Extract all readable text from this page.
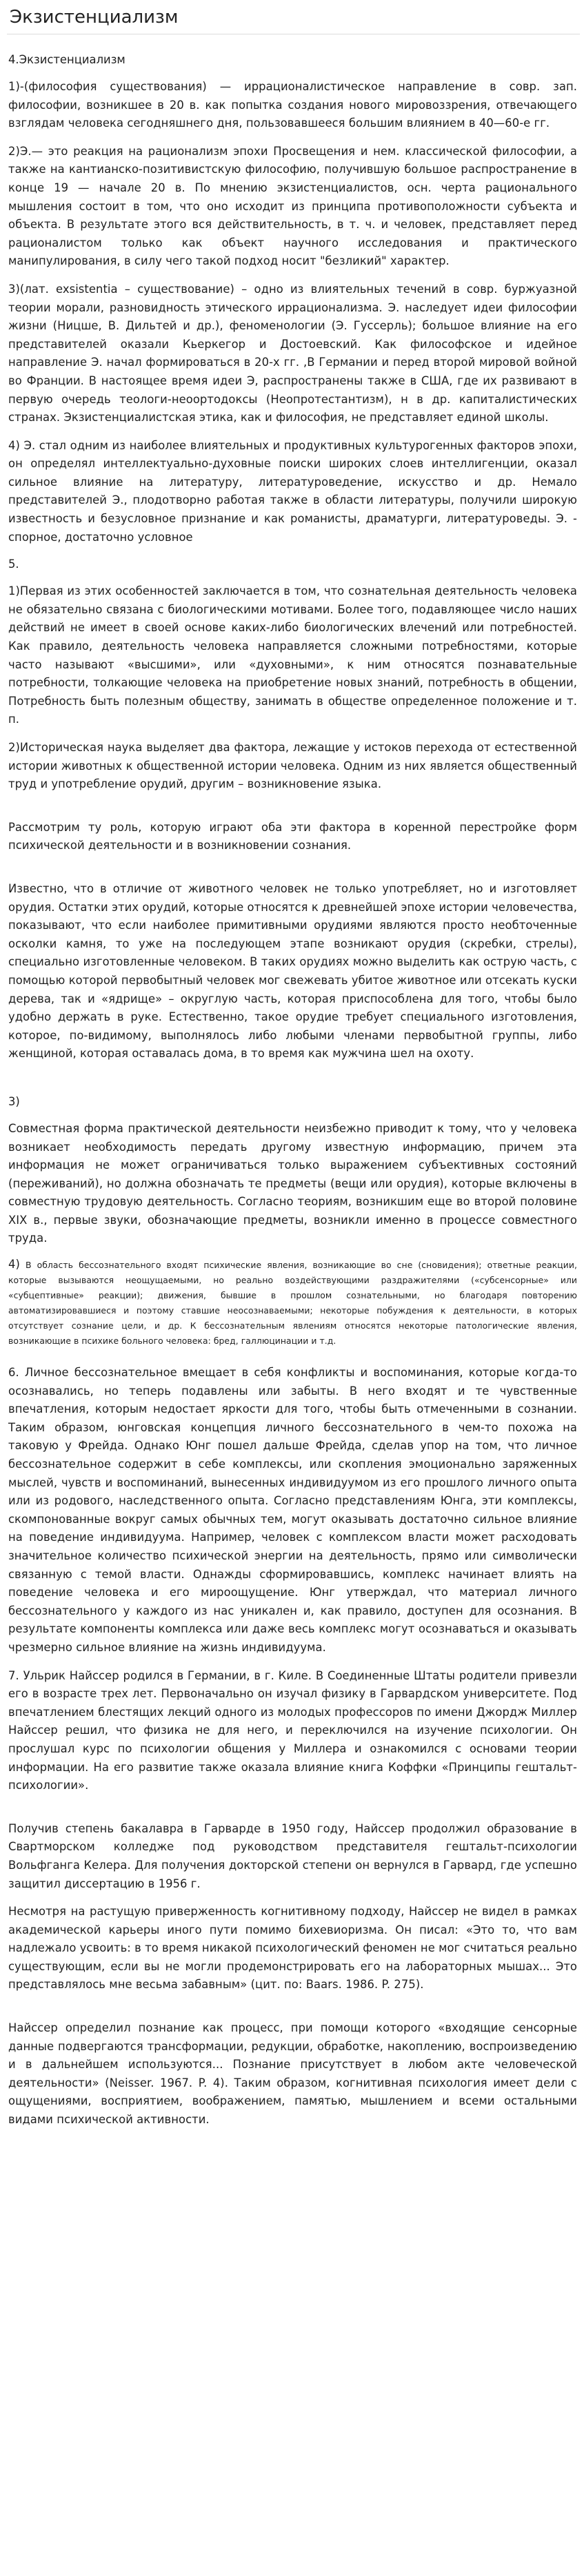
Экзистенциализм

4.Экзистенциализм

1)-(философия существования) — иррационалистическое направление в совр. зап. философии, возникшее в 20 в. как попытка создания нового мировоззрения, отвечающего взглядам человека сегодняшнего дня, пользовавшееся большим влиянием в 40—60-е гг.

2)Э.— это реакция на рационализм эпохи Просвещения и нем. классической философии, а также на кантианско-позитивистскую философию, получившую большое распространение в конце 19 — начале 20 в. По мнению экзистенциалистов, осн. черта рационального мышления состоит в том, что оно исходит из принципа противоположности субъекта и объекта. В результате этого вся действительность, в т. ч. и человек, представляет перед рационалистом только как объект научного исследования и практического манипулирования, в силу чего такой подход носит "безликий" характер.

3)(лат. exsistentia – существование) – одно из влиятельных течений в совр. буржуазной теории морали, разновидность этического иррационализма. Э. наследует идеи философии жизни (Ницше, В. Дильтей и др.), феноменологии (Э. Гуссерль); большое влияние на его представителей оказали Кьеркегор и Достоевский. Как философское и идейное направление Э. начал формироваться в 20-х гг. ,В Германии и перед второй мировой войной во Франции. В настоящее время идеи Э, распространены также в США, где их развивают в первую очередь теологи-неоортодоксы (Неопротестантизм), н в др. капиталистических странах. Экзистенциалистская этика, как и философия, не представляет единой школы.

4) Э. стал одним из наиболее влиятельных и продуктивных культурогенных факторов эпохи, он определял интеллектуально-духовные поиски широких слоев интеллигенции, оказал сильное влияние на литературу, литературоведение, искусство и др. Немало представителей Э., плодотворно работая также в области литературы, получили широкую известность и безусловное признание и как романисты, драматурги, литературоведы. Э. - спорное, достаточно условное

5.

1)Первая из этих особенностей заключается в том, что сознательная деятельность человека не обязательно связана с биологическими мотивами. Более того, подавляющее число наших действий не имеет в своей основе каких-либо биологических влечений или потребностей. Как правило, деятельность человека направляется сложными потребностями, которые часто называют «высшими», или «духовными», к ним относятся познавательные потребности, толкающие человека на приобретение новых знаний, потребность в общении, Потребность быть полезным обществу, занимать в обществе определенное положение и т. п.

2)Историческая наука выделяет два фактора, лежащие у истоков перехода от естественной истории животных к общественной истории человека. Одним из них является общественный труд и употребление орудий, другим – возникновение языка.

Рассмотрим ту роль, которую играют оба эти фактора в коренной перестройке форм психической деятельности и в возникновении сознания.

Известно, что в отличие от животного человек не только употребляет, но и изготовляет орудия. Остатки этих орудий, которые относятся к древнейшей эпохе истории человечества, показывают, что если наиболее примитивными орудиями являются просто необточенные осколки камня, то уже на последующем этапе возникают орудия (скребки, стрелы), специально изготовленные человеком. В таких орудиях можно выделить как острую часть, с помощью которой первобытный человек мог свежевать убитое животное или отсекать куски дерева, так и «ядрище» – округлую часть, которая приспособлена для того, чтобы было удобно держать в руке. Естественно, такое орудие требует специального изготовления, которое, по-видимому, выполнялось либо любыми членами первобытной группы, либо женщиной, которая оставалась дома, в то время как мужчина шел на охоту.

3)

Совместная форма практической деятельности неизбежно приводит к тому, что у человека возникает необходимость передать другому известную информацию, причем эта информация не может ограничиваться только выражением субъективных состояний (переживаний), но должна обозначать те предметы (вещи или орудия), которые включены в совместную трудовую деятельность. Согласно теориям, возникшим еще во второй половине XIX в., первые звуки, обозначающие предметы, возникли именно в процессе совместного труда.

4) В область бессознательного входят психические явления, возникающие во сне (сновидения); ответные реакции, которые вызываются неощущаемыми, но реально воздействующими раздражителями («субсенсорные» или «субцептивные» реакции); движения, бывшие в прошлом сознательными, но благодаря повторению автоматизировавшиеся и поэтому ставшие неосознаваемыми; некоторые побуждения к деятельности, в которых отсутствует сознание цели, и др. К бессознательным явлениям относятся некоторые патологические явления, возникающие в психике больного человека: бред, галлюцинации и т.д.

6. Личное бессознательное вмещает в себя конфликты и воспоминания, которые когда-то осознавались, но теперь подавлены или забыты. В него входят и те чувственные впечатления, которым недостает яркости для того, чтобы быть отмеченными в сознании. Таким образом, юнговская концепция личного бессознательного в чем-то похожа на таковую у Фрейда. Однако Юнг пошел дальше Фрейда, сделав упор на том, что личное бессознательное содержит в себе комплексы, или скопления эмоционально заряженных мыслей, чувств и воспоминаний, вынесенных индивидуумом из его прошлого личного опыта или из родового, наследственного опыта. Согласно представлениям Юнга, эти комплексы, скомпонованные вокруг самых обычных тем, могут оказывать достаточно сильное влияние на поведение индивидуума. Например, человек с комплексом власти может расходовать значительное количество психической энергии на деятельность, прямо или символически связанную с темой власти. Однажды сформировавшись, комплекс начинает влиять на поведение человека и его мироощущение. Юнг утверждал, что материал личного бессознательного у каждого из нас уникален и, как правило, доступен для осознания. В результате компоненты комплекса или даже весь комплекс могут осознаваться и оказывать чрезмерно сильное влияние на жизнь индивидуума.

7. Ульрик Найссер родился в Германии, в г. Киле. В Соединенные Штаты родители привезли его в возрасте трех лет. Первоначально он изучал физику в Гарвардском университете. Под впечатлением блестящих лекций одного из молодых профессоров по имени Джордж Миллер Найссер решил, что физика не для него, и переключился на изучение психологии. Он прослушал курс по психологии общения у Миллера и ознакомился с основами теории информации. На его развитие также оказала влияние книга Коффки «Принципы гештальт-психологии».

Получив степень бакалавра в Гарварде в 1950 году, Найссер продолжил образование в Свартморском колледже под руководством представителя гештальт-психологии Вольфганга Келера. Для получения докторской степени он вернулся в Гарвард, где успешно защитил диссертацию в 1956 г.

Несмотря на растущую приверженность когнитивному подходу, Найссер не видел в рамках академической карьеры иного пути помимо бихевиоризма. Он писал: «Это то, что вам надлежало усвоить: в то время никакой психологический феномен не мог считаться реально существующим, если вы не могли продемонстрировать его на лабораторных мышах... Это представлялось мне весьма забавным» (цит. по: Baars. 1986. P. 275).

Найссер определил познание как процесс, при помощи которого «входящие сенсорные данные подвергаются трансформации, редукции, обработке, накоплению, воспроизведению и в дальнейшем используются... Познание присутствует в любом акте человеческой деятельности» (Neisser. 1967. P. 4). Таким образом, когнитивная психология имеет дели с ощущениями, восприятием, воображением, памятью, мышлением и всеми остальными видами психической активности.
